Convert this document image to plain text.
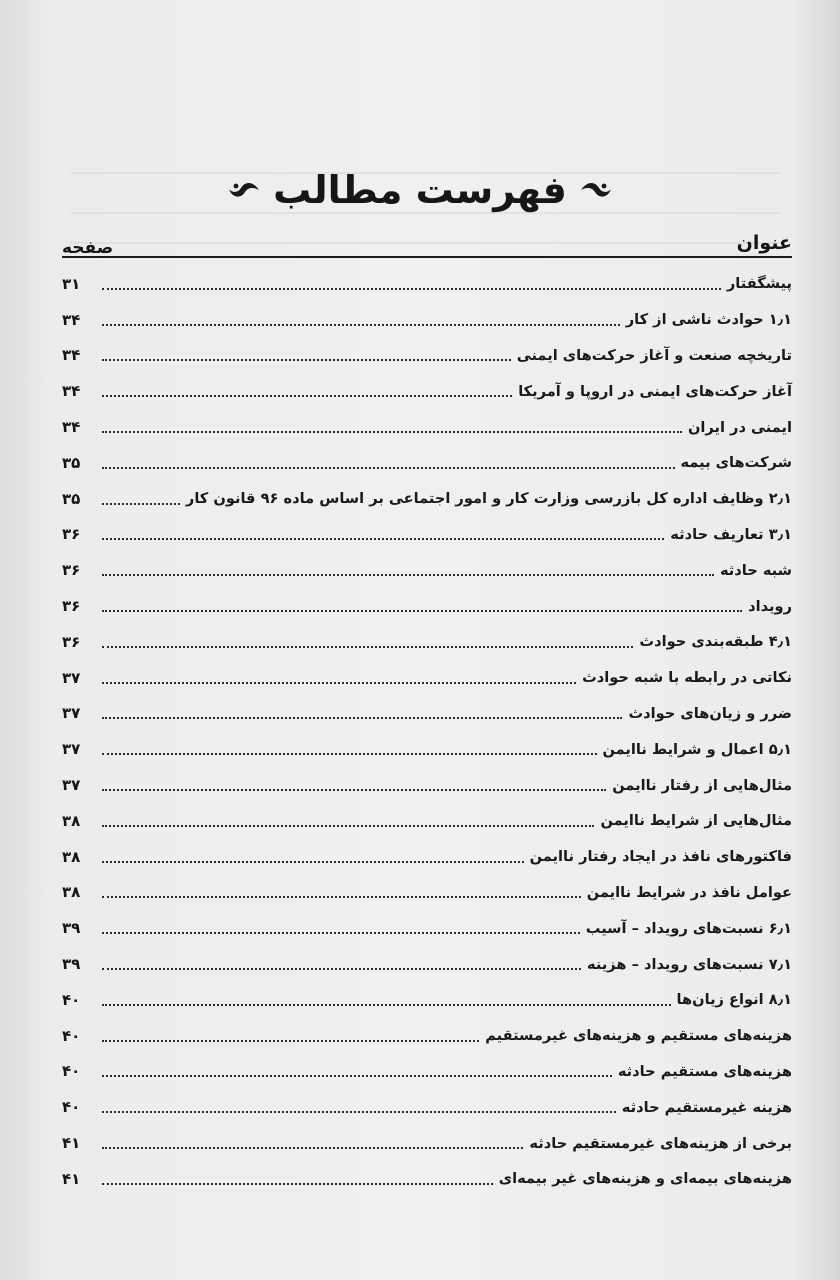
فهرست مطالب
عنوان
صفحه
پیشگفتار
۳۱
۱٫۱ حوادث ناشی از کار
۳۴
تاریخچه صنعت و آغاز حرکت‌های ایمنی
۳۴
آغاز حرکت‌های ایمنی در اروپا و آمریکا
۳۴
ایمنی در ایران
۳۴
شرکت‌های بیمه
۳۵
۲٫۱ وظایف اداره کل بازرسی وزارت کار و امور اجتماعی بر اساس ماده ۹۶ قانون کار
۳۵
۳٫۱ تعاریف حادثه
۳۶
شبه حادثه
۳۶
رویداد
۳۶
۴٫۱ طبقه‌بندی حوادث
۳۶
نکاتی در رابطه با شبه حوادث
۳۷
ضرر و زیان‌های حوادث
۳۷
۵٫۱ اعمال و شرایط ناایمن
۳۷
مثال‌هایی از رفتار ناایمن
۳۷
مثال‌هایی از شرایط ناایمن
۳۸
فاکتورهای نافذ در ایجاد رفتار ناایمن
۳۸
عوامل نافذ در شرایط ناایمن
۳۸
۶٫۱ نسبت‌های رویداد – آسیب
۳۹
۷٫۱ نسبت‌های رویداد – هزینه
۳۹
۸٫۱ انواع زیان‌ها
۴۰
هزینه‌های مستقیم و هزینه‌های غیرمستقیم
۴۰
هزینه‌های مستقیم حادثه
۴۰
هزینه غیرمستقیم حادثه
۴۰
برخی از هزینه‌های غیرمستقیم حادثه
۴۱
هزینه‌های بیمه‌ای و هزینه‌های غیر بیمه‌ای
۴۱
